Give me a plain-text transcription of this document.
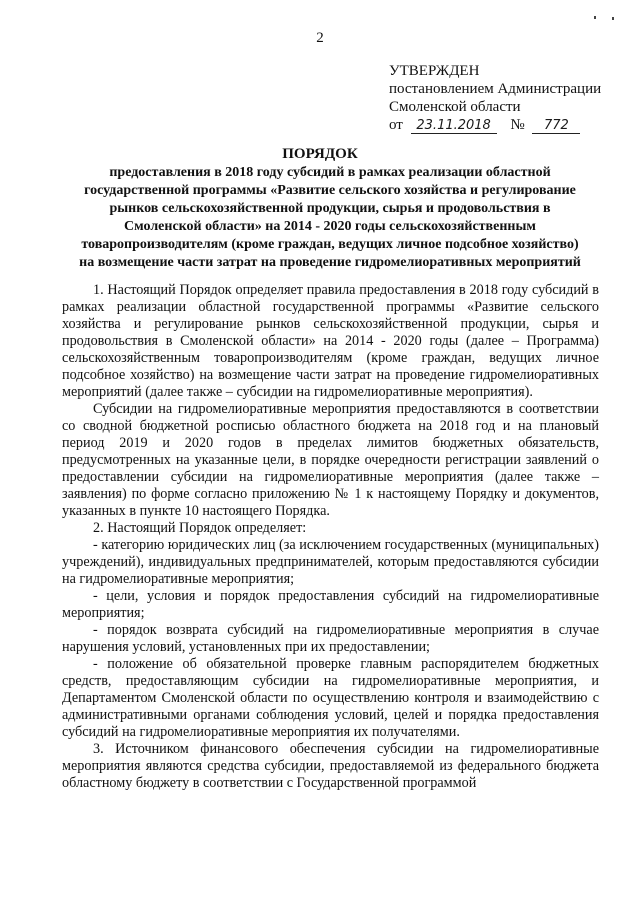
2
УТВЕРЖДЕН
постановлением Администрации
Смоленской области
от 23.11.2018 № 772
ПОРЯДОК
предоставления в 2018 году субсидий в рамках реализации областной
государственной программы «Развитие сельского хозяйства и регулирование
рынков сельскохозяйственной продукции, сырья и продовольствия в
Смоленской области» на 2014 - 2020 годы сельскохозяйственным
товаропроизводителям (кроме граждан, ведущих личное подсобное хозяйство)
на возмещение части затрат на проведение гидромелиоративных мероприятий

1. Настоящий Порядок определяет правила предоставления в 2018 году субсидий в рамках реализации областной государственной программы «Развитие сельского хозяйства и регулирование рынков сельскохозяйственной продукции, сырья и продовольствия в Смоленской области» на 2014 - 2020 годы (далее – Программа) сельскохозяйственным товаропроизводителям (кроме граждан, ведущих личное подсобное хозяйство) на возмещение части затрат на проведение гидромелиоративных мероприятий (далее также – субсидии на гидромелиоративные мероприятия).

Субсидии на гидромелиоративные мероприятия предоставляются в соответствии со сводной бюджетной росписью областного бюджета на 2018 год и на плановый период 2019 и 2020 годов в пределах лимитов бюджетных обязательств, предусмотренных на указанные цели, в порядке очередности регистрации заявлений о предоставлении субсидии на гидромелиоративные мероприятия (далее также – заявления) по форме согласно приложению № 1 к настоящему Порядку и документов, указанных в пункте 10 настоящего Порядка.

2. Настоящий Порядок определяет:

- категорию юридических лиц (за исключением государственных (муниципальных) учреждений), индивидуальных предпринимателей, которым предоставляются субсидии на гидромелиоративные мероприятия;

- цели, условия и порядок предоставления субсидий на гидромелиоративные мероприятия;

- порядок возврата субсидий на гидромелиоративные мероприятия в случае нарушения условий, установленных при их предоставлении;

- положение об обязательной проверке главным распорядителем бюджетных средств, предоставляющим субсидии на гидромелиоративные мероприятия, и Департаментом Смоленской области по осуществлению контроля и взаимодействию с административными органами соблюдения условий, целей и порядка предоставления субсидий на гидромелиоративные мероприятия их получателями.

3. Источником финансового обеспечения субсидии на гидромелиоративные мероприятия являются средства субсидии, предоставляемой из федерального бюджета областному бюджету в соответствии с Государственной программой
